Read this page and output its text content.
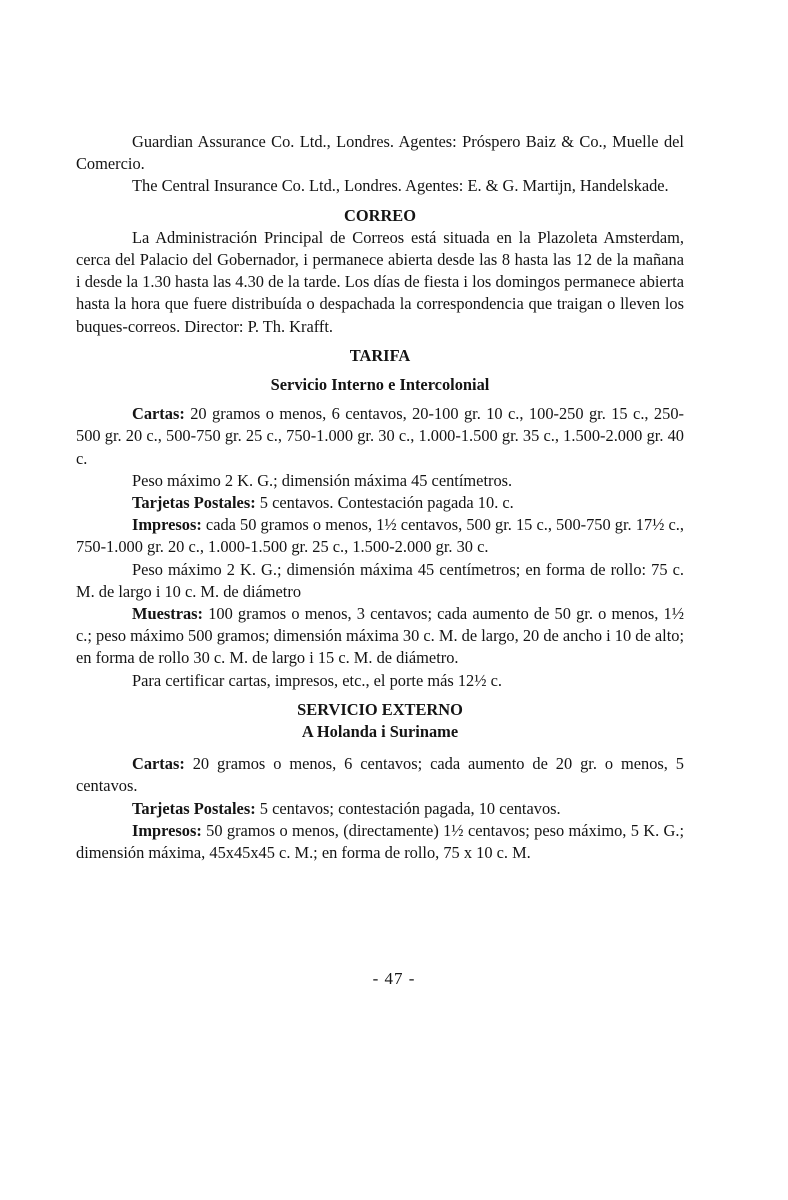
Guardian Assurance Co. Ltd., Londres. Agentes: Próspero Baiz & Co., Muelle del Comercio.

The Central Insurance Co. Ltd., Londres. Agentes: E. & G. Martijn, Handelskade.

CORREO

La Administración Principal de Correos está situada en la Plazoleta Amsterdam, cerca del Palacio del Gobernador, i permanece abierta desde las 8 hasta las 12 de la mañana i desde la 1.30 hasta las 4.30 de la tarde. Los días de fiesta i los domingos permanece abierta hasta la hora que fuere distribuída o despachada la correspondencia que traigan o lleven los buques-correos. Director: P. Th. Krafft.

TARIFA

Servicio Interno e Intercolonial

Cartas: 20 gramos o menos, 6 centavos, 20-100 gr. 10 c., 100-250 gr. 15 c., 250-500 gr. 20 c., 500-750 gr. 25 c., 750-1.000 gr. 30 c., 1.000-1.500 gr. 35 c., 1.500-2.000 gr. 40 c.

Peso máximo 2 K. G.; dimensión máxima 45 centímetros.

Tarjetas Postales: 5 centavos. Contestación pagada 10. c.

Impresos: cada 50 gramos o menos, 1½ centavos, 500 gr. 15 c., 500-750 gr. 17½ c., 750-1.000 gr. 20 c., 1.000-1.500 gr. 25 c., 1.500-2.000 gr. 30 c.

Peso máximo 2 K. G.; dimensión máxima 45 centímetros; en forma de rollo: 75 c. M. de largo i 10 c. M. de diámetro

Muestras: 100 gramos o menos, 3 centavos; cada aumento de 50 gr. o menos, 1½ c.; peso máximo 500 gramos; dimensión máxima 30 c. M. de largo, 20 de ancho i 10 de alto; en forma de rollo 30 c. M. de largo i 15 c. M. de diámetro.

Para certificar cartas, impresos, etc., el porte más 12½ c.

SERVICIO EXTERNO

A Holanda i Suriname

Cartas: 20 gramos o menos, 6 centavos; cada aumento de 20 gr. o menos, 5 centavos.

Tarjetas Postales: 5 centavos; contestación pagada, 10 centavos.

Impresos: 50 gramos o menos, (directamente) 1½ centavos; peso máximo, 5 K. G.; dimensión máxima, 45x45x45 c. M.; en forma de rollo, 75 x 10 c. M.

- 47 -
